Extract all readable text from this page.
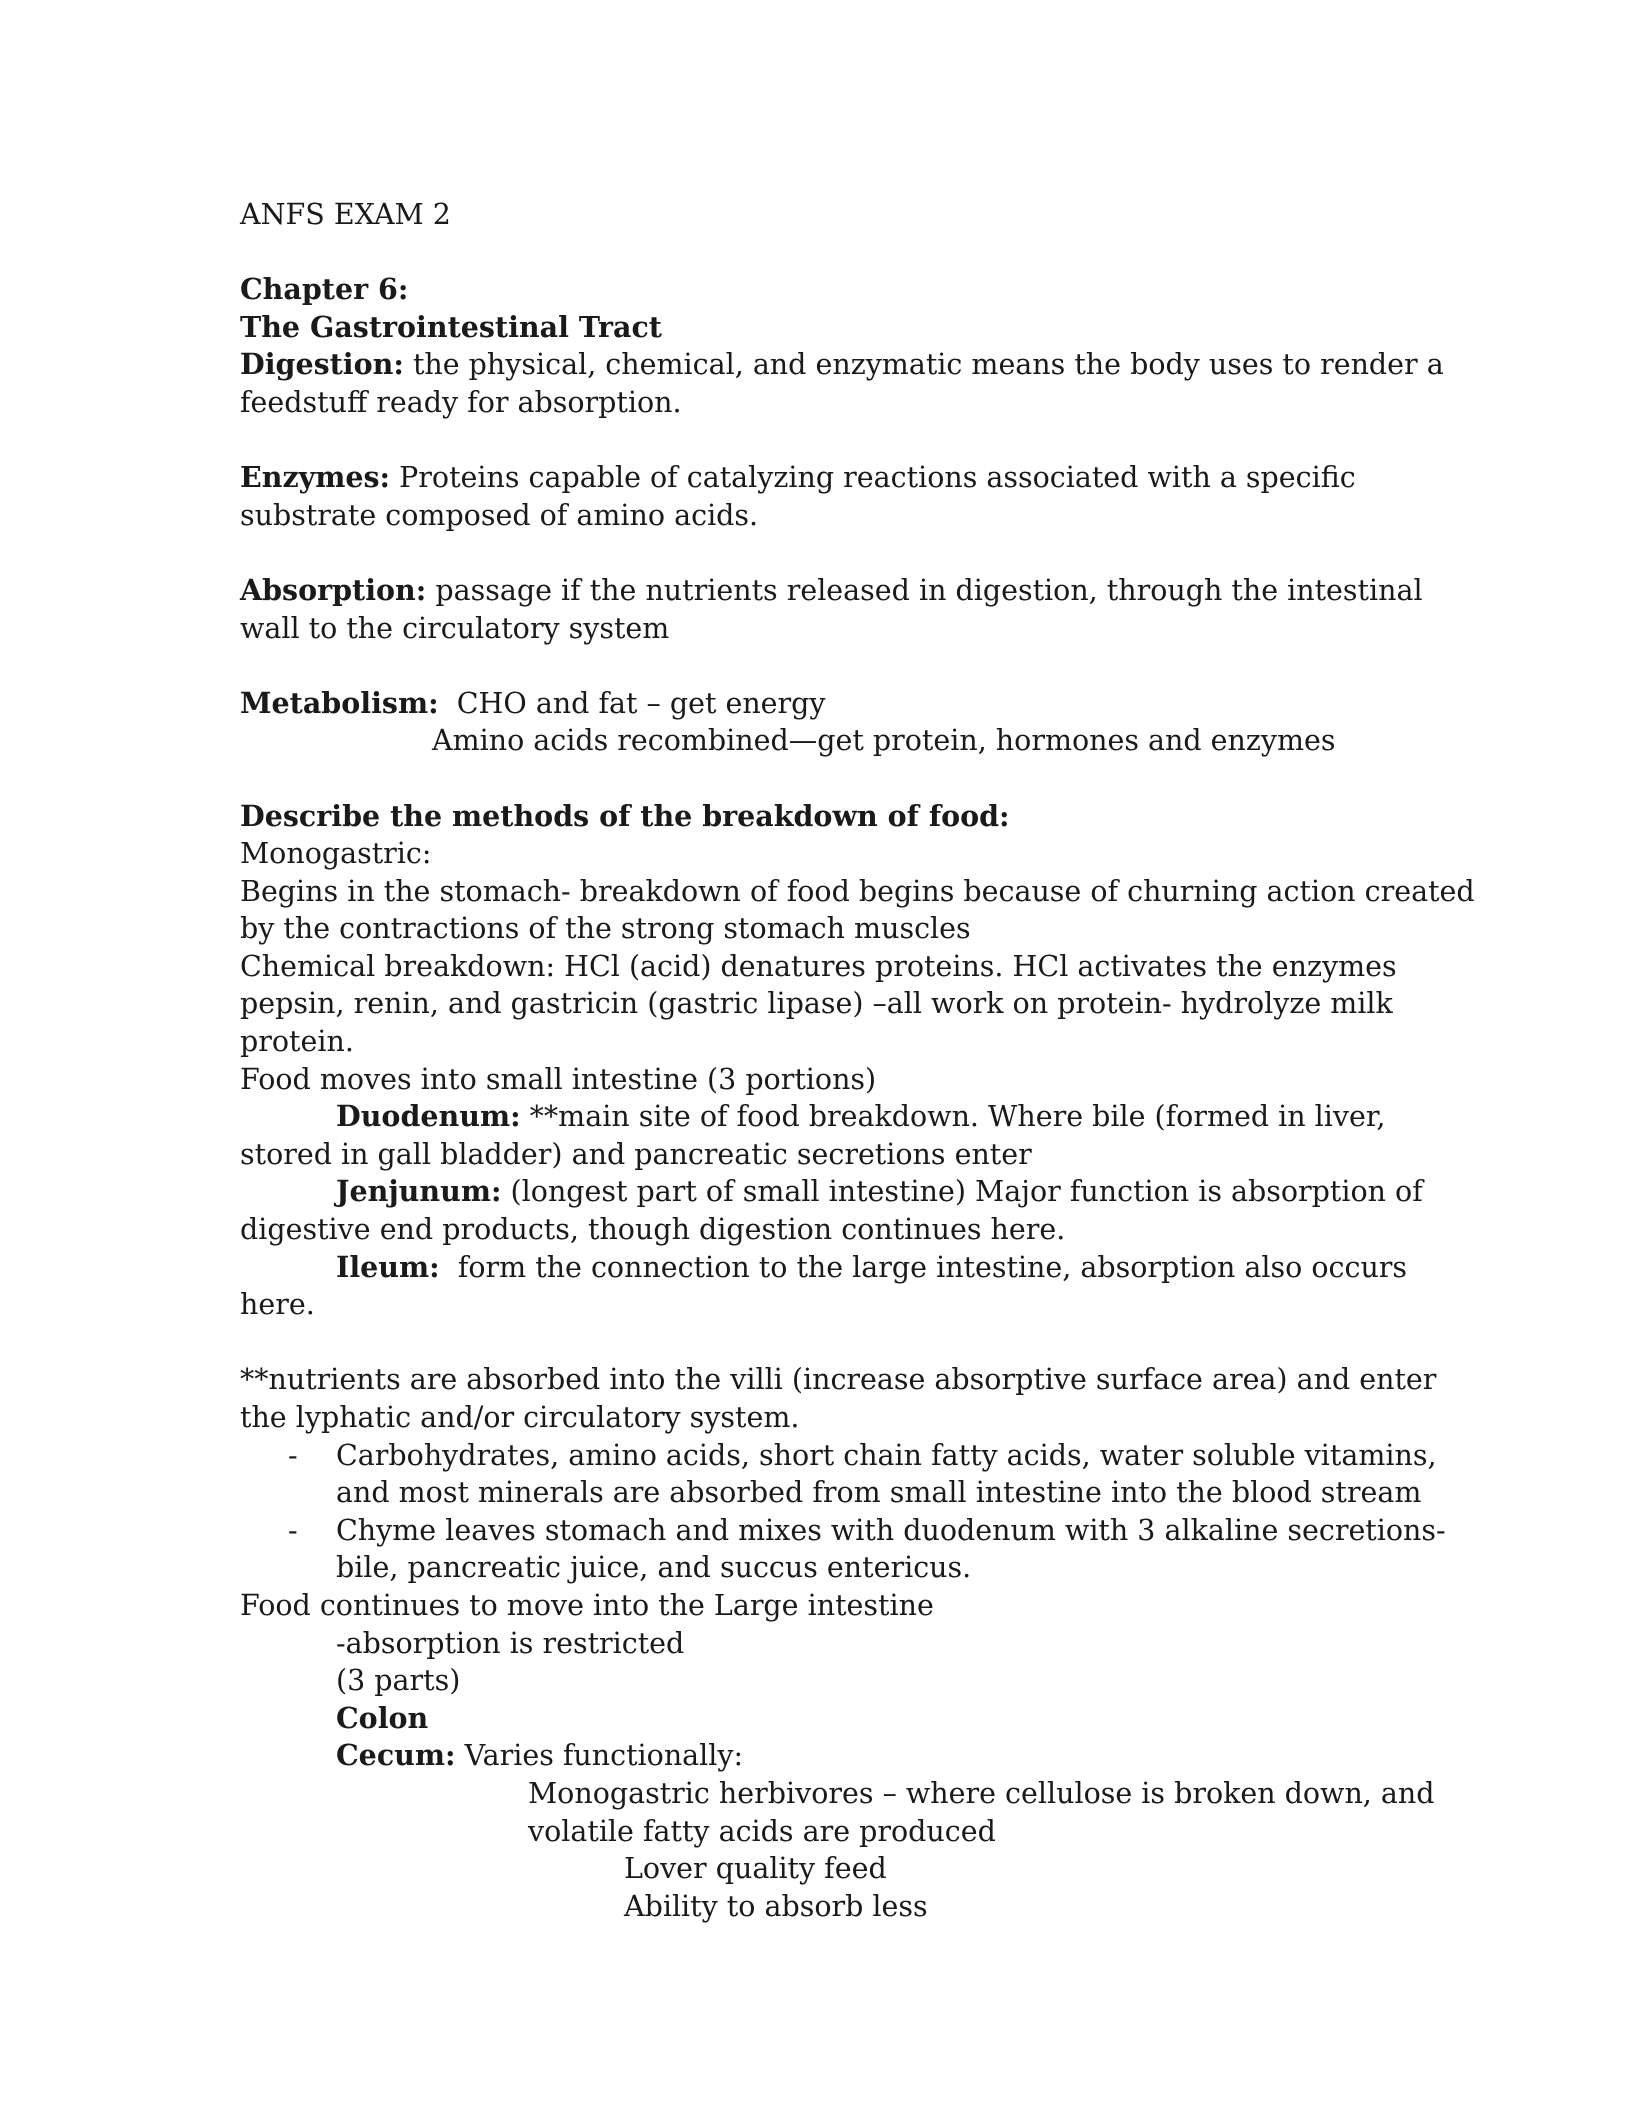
ANFS EXAM 2
Chapter 6:
The Gastrointestinal Tract
Digestion: the physical, chemical, and enzymatic means the body uses to render a
feedstuff ready for absorption.
Enzymes: Proteins capable of catalyzing reactions associated with a specific
substrate composed of amino acids.
Absorption: passage if the nutrients released in digestion, through the intestinal
wall to the circulatory system
Metabolism:  CHO and fat – get energy
Amino acids recombined—get protein, hormones and enzymes
Describe the methods of the breakdown of food:
Monogastric:
Begins in the stomach- breakdown of food begins because of churning action created
by the contractions of the strong stomach muscles
Chemical breakdown: HCl (acid) denatures proteins. HCl activates the enzymes
pepsin, renin, and gastricin (gastric lipase) –all work on protein- hydrolyze milk
protein.
Food moves into small intestine (3 portions)
Duodenum: **main site of food breakdown. Where bile (formed in liver,
stored in gall bladder) and pancreatic secretions enter
Jenjunum: (longest part of small intestine) Major function is absorption of
digestive end products, though digestion continues here.
Ileum:  form the connection to the large intestine, absorption also occurs
here.
**nutrients are absorbed into the villi (increase absorptive surface area) and enter
the lyphatic and/or circulatory system.
- Carbohydrates, amino acids, short chain fatty acids, water soluble vitamins,
and most minerals are absorbed from small intestine into the blood stream
- Chyme leaves stomach and mixes with duodenum with 3 alkaline secretions-
bile, pancreatic juice, and succus entericus.
Food continues to move into the Large intestine
-absorption is restricted
(3 parts)
Colon
Cecum: Varies functionally:
Monogastric herbivores – where cellulose is broken down, and
volatile fatty acids are produced
Lover quality feed
Ability to absorb less
